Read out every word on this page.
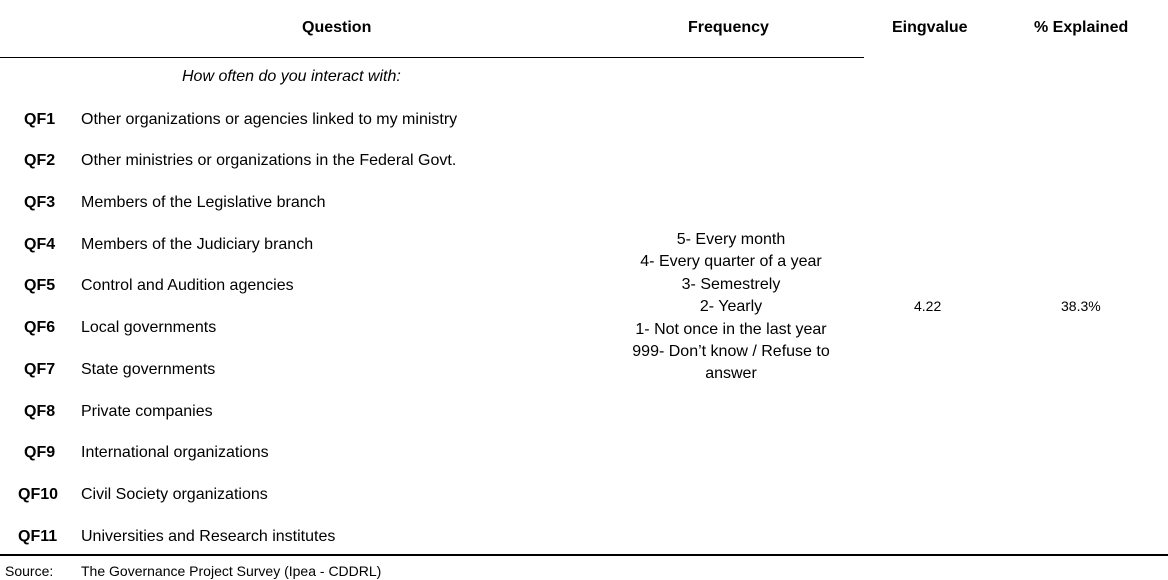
Question	Frequency	Eingvalue	% Explained
How often do you interact with:
QF1 Other organizations or agencies linked to my ministry
QF2 Other ministries or organizations in the Federal Govt.
QF3 Members of the Legislative branch
QF4 Members of the Judiciary branch
QF5 Control and Audition agencies
QF6 Local governments
QF7 State governments
QF8 Private companies
QF9 International organizations
QF10 Civil Society organizations
QF11 Universities and Research institutes
5- Every month
4- Every quarter of a year
3- Semestrely
2- Yearly
1- Not once in the last year
999- Don’t know / Refuse to answer
4.22	38.3%
Source: The Governance Project Survey (Ipea - CDDRL)
